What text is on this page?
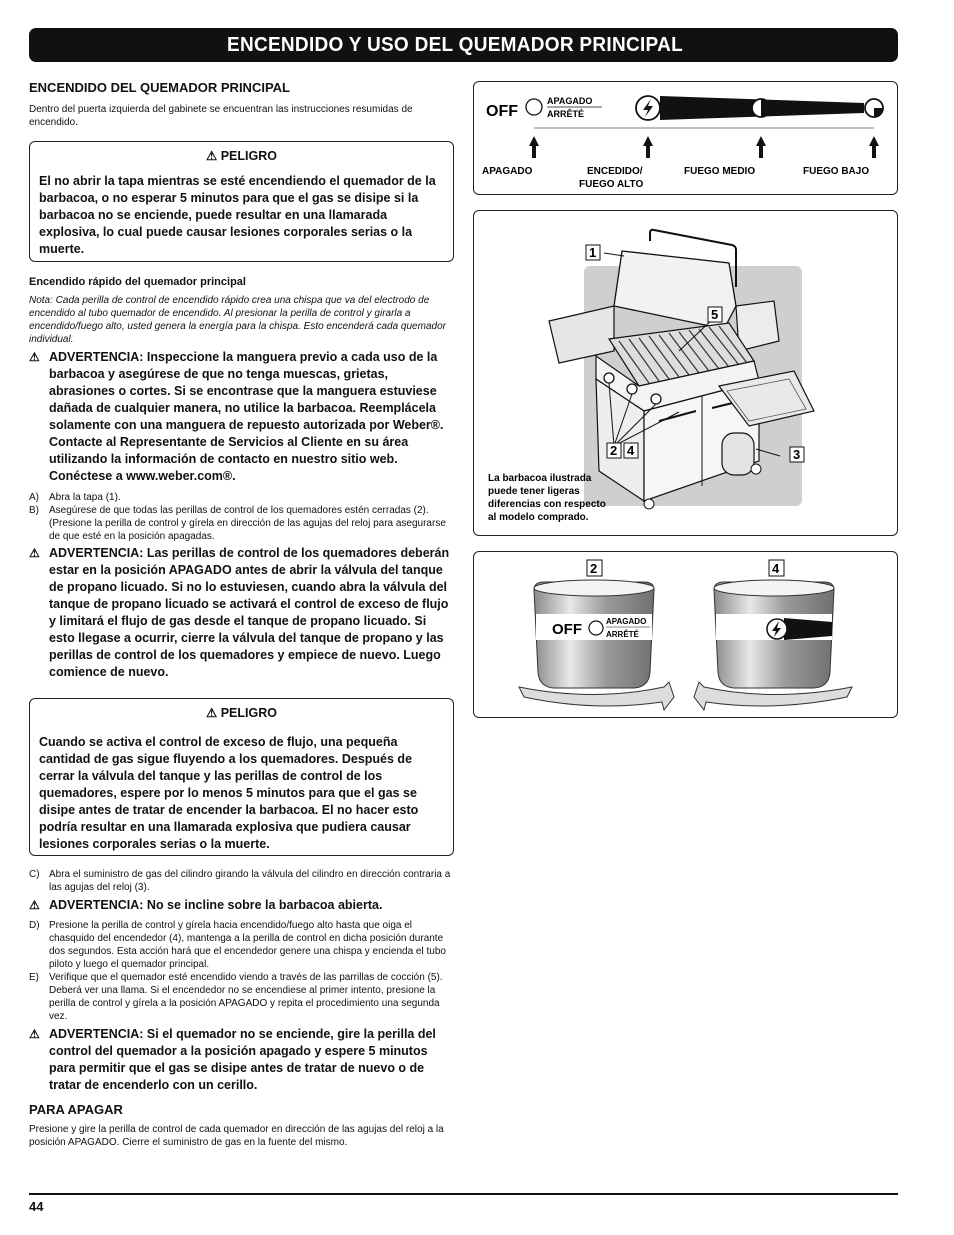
ENCENDIDO Y USO DEL QUEMADOR PRINCIPAL
ENCENDIDO DEL QUEMADOR PRINCIPAL
Dentro del puerta izquierda del gabinete se encuentran las instrucciones resumidas de encendido.
⚠ PELIGRO
El no abrir la tapa mientras se esté encendiendo el quemador de la barbacoa, o no esperar 5 minutos para que el gas se disipe si la barbacoa no se enciende, puede resultar en una llamarada explosiva, lo cual puede causar lesiones corporales serias o la muerte.
Encendido rápido del quemador principal
Nota: Cada perilla de control de encendido rápido crea una chispa que va del electrodo de encendido al tubo quemador de encendido. Al presionar la perilla de control y girarla a encendido/fuego alto, usted genera la energía para la chispa. Esto encenderá cada quemador individual.
⚠ ADVERTENCIA: Inspeccione la manguera previo a cada uso de la barbacoa y asegúrese de que no tenga muescas, grietas, abrasiones o cortes. Si se encontrase que la manguera estuviese dañada de cualquier manera, no utilice la barbacoa. Reemplácela solamente con una manguera de repuesto autorizada por Weber®. Contacte al Representante de Servicios al Cliente en su área utilizando la información de contacto en nuestro sitio web. Conéctese a www.weber.com®.
A)	Abra la tapa (1).
B)	Asegúrese de que todas las perillas de control de los quemadores estén cerradas (2). (Presione la perilla de control y gírela en dirección de las agujas del reloj para asegurarse de que esté en la posición apagadas.
⚠ ADVERTENCIA: Las perillas de control de los quemadores deberán estar en la posición APAGADO antes de abrir la válvula del tanque de propano licuado. Si no lo estuviesen, cuando abra la válvula del tanque de propano licuado se activará el control de exceso de flujo y limitará el flujo de gas desde el tanque de propano licuado. Si esto llegase a ocurrir, cierre la válvula del tanque de propano y las perillas de control de los quemadores y empiece de nuevo. Luego comience de nuevo.
⚠ PELIGRO
Cuando se activa el control de exceso de flujo, una pequeña cantidad de gas sigue fluyendo a los quemadores. Después de cerrar la válvula del tanque y las perillas de control de los quemadores, espere por lo menos 5 minutos para que el gas se disipe antes de tratar de encender la barbacoa. El no hacer esto podría resultar en una llamarada explosiva que pudiera causar lesiones corporales serias o la muerte.
C) Abra el suministro de gas del cilindro girando la válvula del cilindro en dirección contraria a las agujas del reloj (3).
⚠ ADVERTENCIA: No se incline sobre la barbacoa abierta.
D) Presione la perilla de control y gírela hacia encendido/fuego alto hasta que oiga el chasquido del encendedor (4), mantenga a la perilla de control en dicha posición durante dos segundos. Esta acción hará que el encendedor genere una chispa y encienda el tubo piloto y luego el quemador principal.
E)	Verifique que el quemador esté encendido viendo a través de las parrillas de cocción (5). Deberá ver una llama. Si el encendedor no se encendiese al primer intento, presione la perilla de control y gírela a la posición APAGADO y repita el procedimiento una segunda vez.
⚠ ADVERTENCIA: Si el quemador no se enciende, gire la perilla del control del quemador a la posición apagado y espere 5 minutos para permitir que el gas se disipe antes de tratar de nuevo o de tratar de encenderlo con un cerillo.
PARA APAGAR
Presione y gire la perilla de control de cada quemador en dirección de las agujas del reloj a la posición APAGADO. Cierre el suministro de gas en la fuente del mismo.
OFF
APAGADO
ARRÊTÉ
APAGADO	ENCEDIDO/
FUEGO ALTO
FUEGO MEDIO	FUEGO BAJO
1
5
2 4	3
La barbacoa ilustrada
puede tener ligeras
diferencias con respecto
al modelo comprado.
2	4
OFF	APAGADO
ARRÊTÉ
44
